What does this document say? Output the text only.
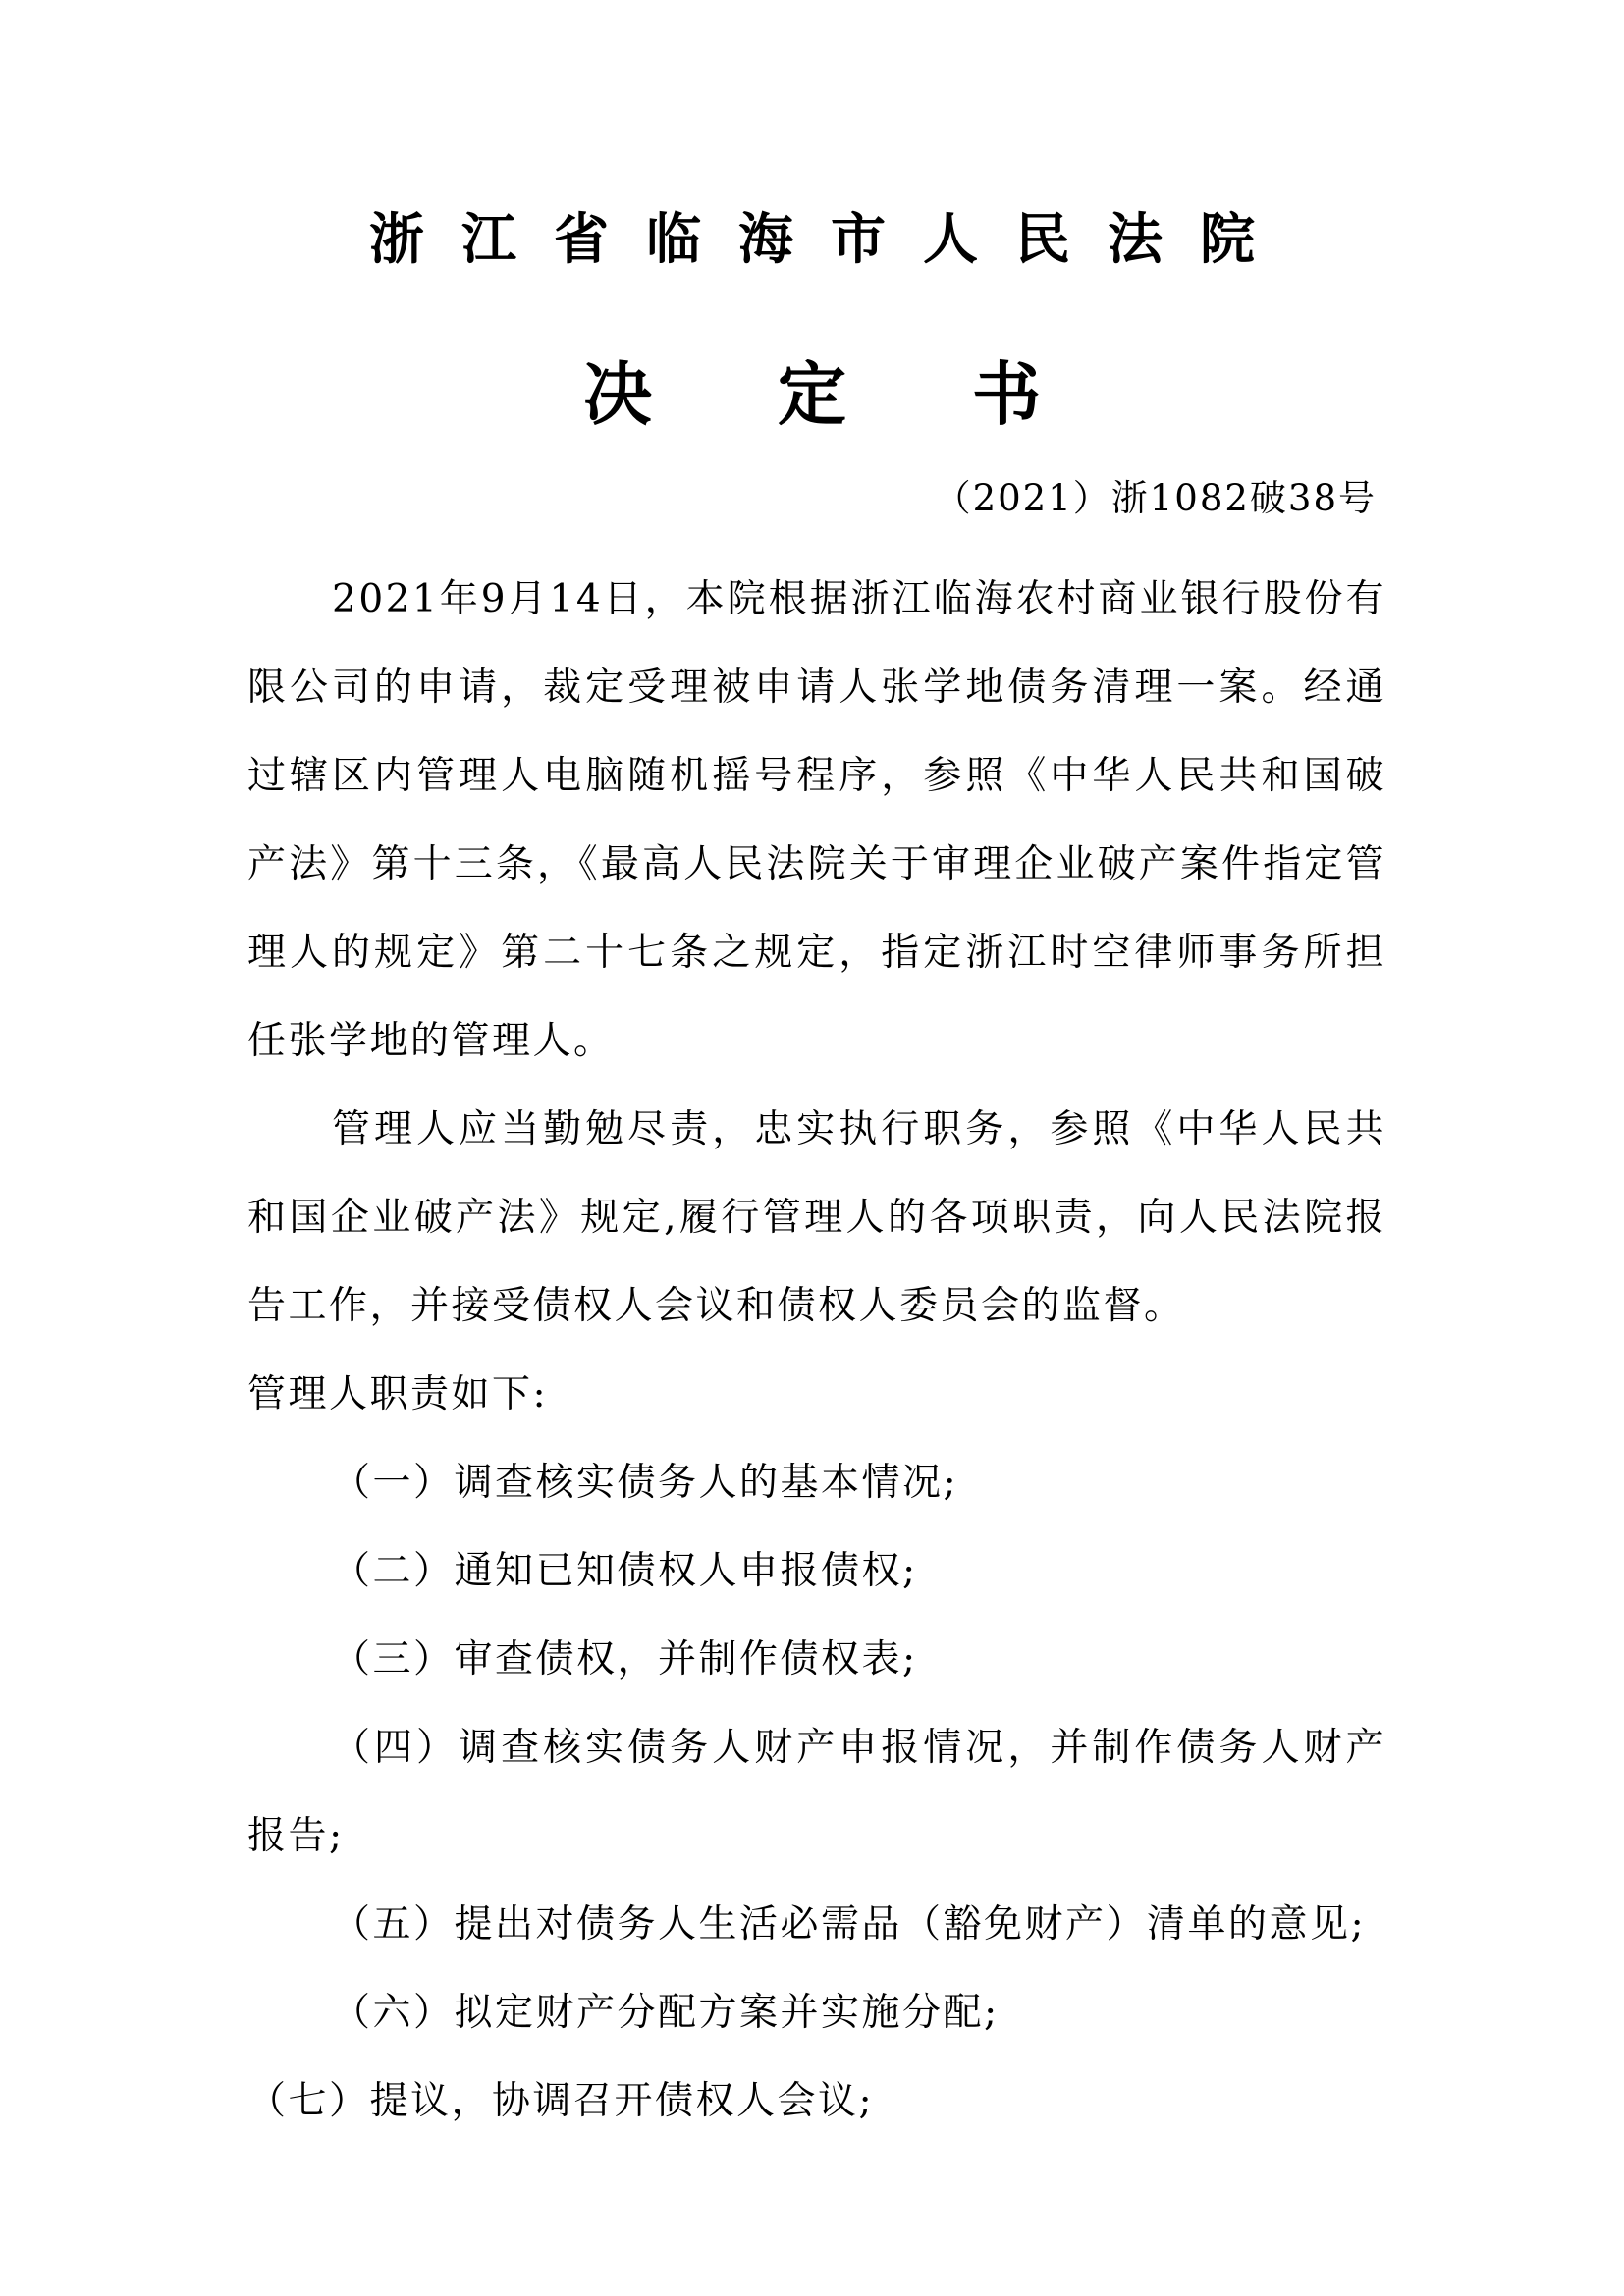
浙江省临海市人民法院
决定书
（2021）浙1082破38号

2021年9月14日，本院根据浙江临海农村商业银行股份有限公司的申请，裁定受理被申请人张学地债务清理一案。经通过辖区内管理人电脑随机摇号程序，参照《中华人民共和国破产法》第十三条，《最高人民法院关于审理企业破产案件指定管理人的规定》第二十七条之规定，指定浙江时空律师事务所担任张学地的管理人。

管理人应当勤勉尽责，忠实执行职务，参照《中华人民共和国企业破产法》规定,履行管理人的各项职责，向人民法院报告工作，并接受债权人会议和债权人委员会的监督。

管理人职责如下:

（一）调查核实债务人的基本情况;

（二）通知已知债权人申报债权;

（三）审查债权，并制作债权表;

（四）调查核实债务人财产申报情况，并制作债务人财产报告;

（五）提出对债务人生活必需品（豁免财产）清单的意见;

（六）拟定财产分配方案并实施分配;

（七）提议，协调召开债权人会议;
